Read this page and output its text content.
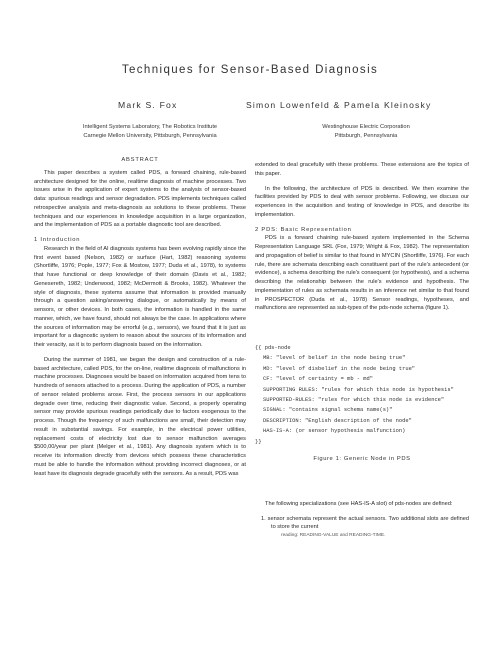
Techniques for Sensor-Based Diagnosis
Mark S. Fox	Simon Lowenfeld & Pamela Kleinosky
Intelligent Systems Laboratory, The Robotics Institute
Carnegie Mellon University, Pittsburgh, Pennsylvania
Westinghouse Electric Corporation
Pittsburgh, Pennsylvania
ABSTRACT

This paper describes a system called PDS, a forward chaining, rule-based architecture designed for the online, realtime diagnosis of machine processes. Two issues arise in the application of expert systems to the analysis of sensor-based data: spurious readings and sensor degradation. PDS implements techniques called retrospective analysis and meta-diagnosis as solutions to these problems. These techniques and our experiences in knowledge acquisition in a large organization, and the implementation of PDS as a portable diagnostic tool are described.

1 Introduction

Research in the field of AI diagnosis systems has been evolving rapidly since the first event based (Nelson, 1982) or surface (Hart, 1982) reasoning systems (Shortliffe, 1976; Pople, 1977; Fox & Mostow, 1977; Duda et al., 1978), to systems that have functional or deep knowledge of their domain (Davis et al., 1982; Genesereth, 1982; Underwood, 1982; McDermott & Brooks, 1982). Whatever the style of diagnosis, these systems assume that information is provided manually through a question asking/answering dialogue, or automatically by means of sensors, or other devices. In both cases, the information is handled in the same manner, which, we have found, should not always be the case. In applications where the sources of information may be errorful (e.g., sensors), we found that it is just as important for a diagnostic system to reason about the sources of its information and their veracity, as it is to perform diagnosis based on the information.

During the summer of 1981, we began the design and construction of a rule-based architecture, called PDS, for the on-line, realtime diagnosis of malfunctions in machine processes. Diagnoses would be based on information acquired from tens to hundreds of sensors attached to a process. During the application of PDS, a number of sensor related problems arose. First, the process sensors in our applications degrade over time, reducing their diagnostic value. Second, a properly operating sensor may provide spurious readings periodically due to factors exogenous to the process. Though the frequency of such malfunctions are small, their detection may result in substantial savings. For example, in the electrical power utilities, replacement costs of electricity lost due to sensor malfunction averages $500,00/year per plant (Melger et al., 1981). Any diagnosis system which is to receive its information directly from devices which possess these characteristics must be able to handle the information without providing incorrect diagnoses, or at least have its diagnosis degrade gracefully with the sensors. As a result, PDS was

extended to deal gracefully with these problems. These extensions are the topics of this paper.

In the following, the architecture of PDS is described. We then examine the facilities provided by PDS to deal with sensor problems. Following, we discuss our experiences in the acquisition and testing of knowledge in PDS, and describe its implementation.

2 PDS: Basic Representation

PDS is a forward chaining rule-based system implemented in the Schema Representation Language SRL (Fox, 1979; Wright & Fox, 1982). The representation and propagation of belief is similar to that found in MYCIN (Shortliffe, 1976). For each rule, there are schemata describing each constituent part of the rule's antecedent (or evidence), a schema describing the rule's consequent (or hypothesis), and a schema describing the relationship between the rule's evidence and hypothesis. The implementation of rules as schemata results in an inference net similar to that found in PROSPECTOR (Duda et al., 1978) Sensor readings, hypotheses, and malfunctions are represented as sub-types of the pds-node schema (figure 1).

{{ pds-node
MB: "level of belief in the node being true"
MD: "level of disbelief in the node being true"
CF: "level of certainty = mb - md"
SUPPORTING RULES: "rules for which this node is hypothesis"
SUPPORTED-RULES: "rules for which this node is evidence"
SIGNAL: "contains signal schema name(s)"
DESCRIPTION: "English description of the node"
HAS-IS-A: (or sensor hypothesis malfunction)
}}
Figure 1: Generic Node in PDS

The following specializations (see HAS-IS-A slot) of pds-nodes are defined:

1. sensor schemata represent the actual sensors. Two additional slots are defined to store the current
reading: READING-VALUE and READING-TIME.
